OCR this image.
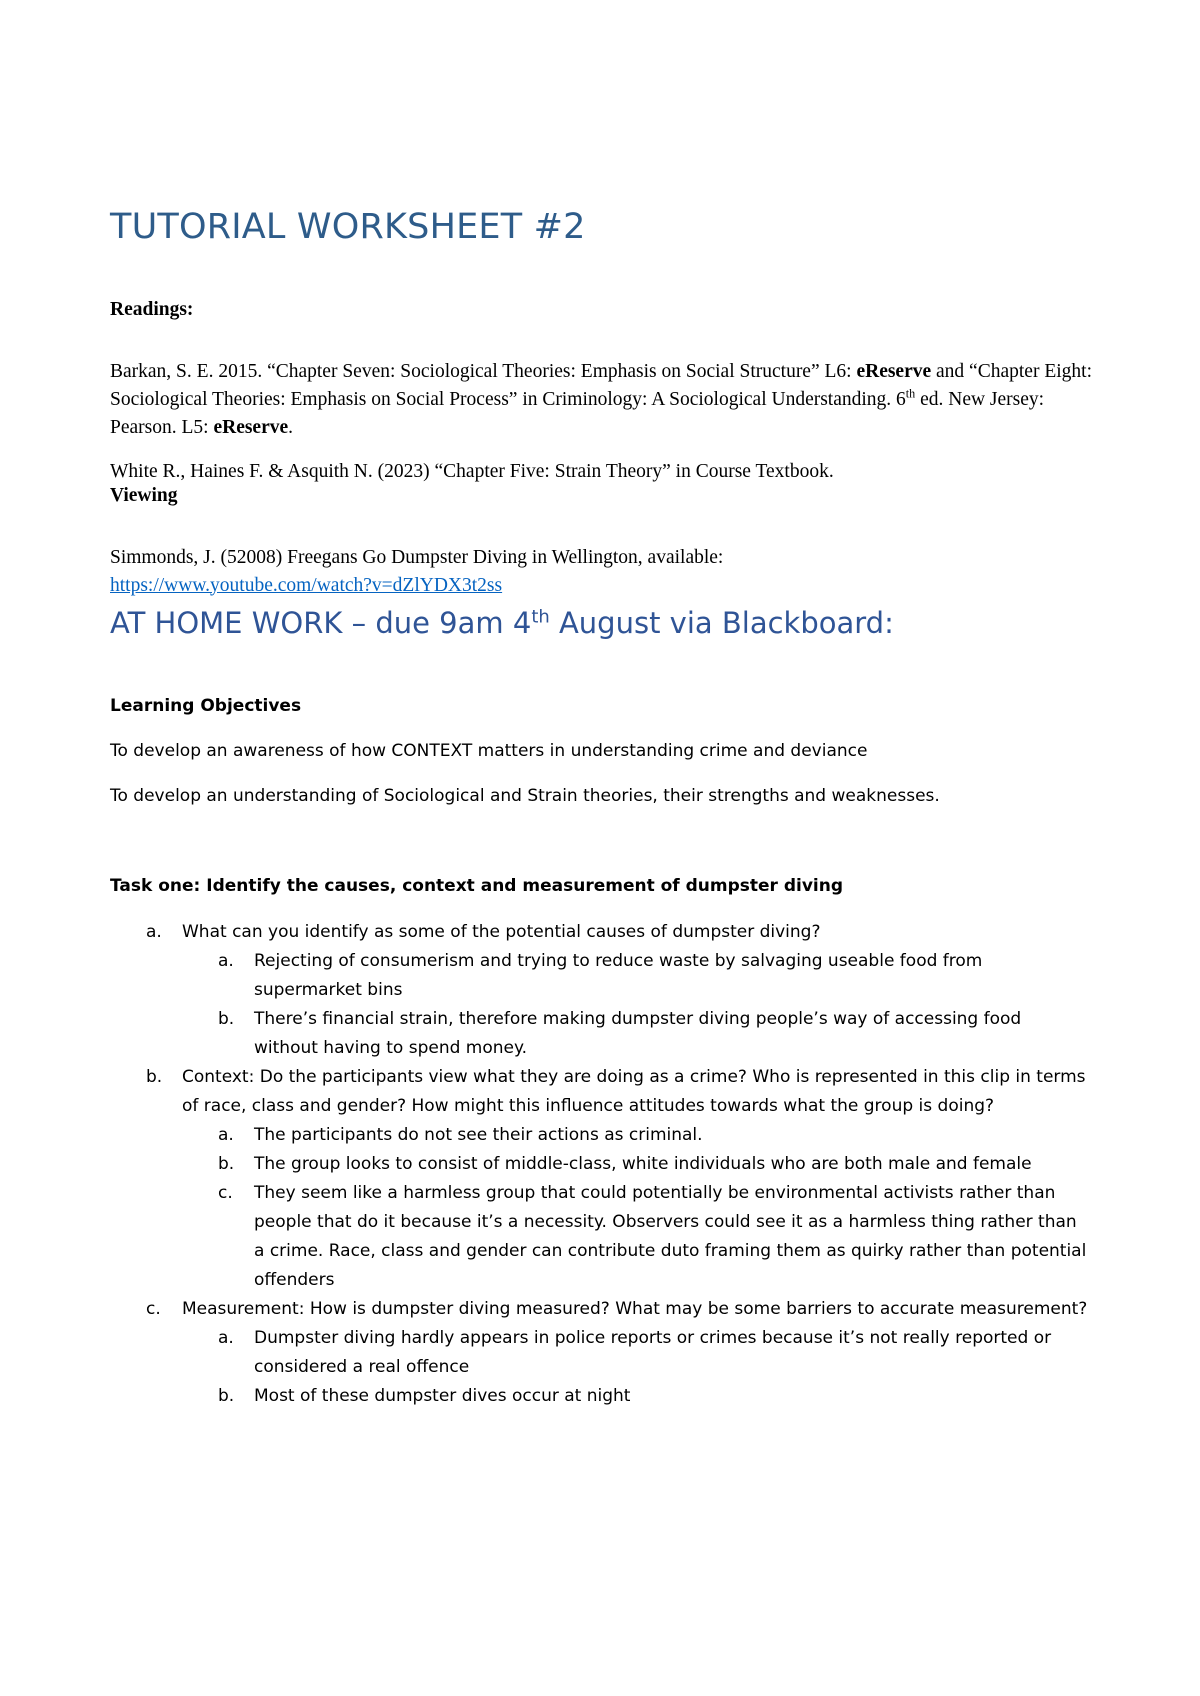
TUTORIAL WORKSHEET #2
Readings:

Barkan, S. E. 2015. “Chapter Seven: Sociological Theories: Emphasis on Social Structure” L6: eReserve and “Chapter Eight: Sociological Theories: Emphasis on Social Process” in Criminology: A Sociological Understanding. 6th ed. New Jersey: Pearson. L5: eReserve.

White R., Haines F. & Asquith N. (2023) “Chapter Five: Strain Theory” in Course Textbook.

Viewing

Simmonds, J. (52008) Freegans Go Dumpster Diving in Wellington, available:
https://www.youtube.com/watch?v=dZlYDX3t2ss

AT HOME WORK – due 9am 4th August via Blackboard:
Learning Objectives

To develop an awareness of how CONTEXT matters in understanding crime and deviance

To develop an understanding of Sociological and Strain theories, their strengths and weaknesses.

Task one: Identify the causes, context and measurement of dumpster diving
a. What can you identify as some of the potential causes of dumpster diving?
a. Rejecting of consumerism and trying to reduce waste by salvaging useable food from supermarket bins
b. There’s financial strain, therefore making dumpster diving people’s way of accessing food without having to spend money.
b. Context: Do the participants view what they are doing as a crime? Who is represented in this clip in terms of race, class and gender? How might this influence attitudes towards what the group is doing?
a. The participants do not see their actions as criminal.
b. The group looks to consist of middle-class, white individuals who are both male and female
c. They seem like a harmless group that could potentially be environmental activists rather than people that do it because it’s a necessity. Observers could see it as a harmless thing rather than a crime. Race, class and gender can contribute duto framing them as quirky rather than potential offenders
c. Measurement: How is dumpster diving measured? What may be some barriers to accurate measurement?
a. Dumpster diving hardly appears in police reports or crimes because it’s not really reported or considered a real offence
b. Most of these dumpster dives occur at night
